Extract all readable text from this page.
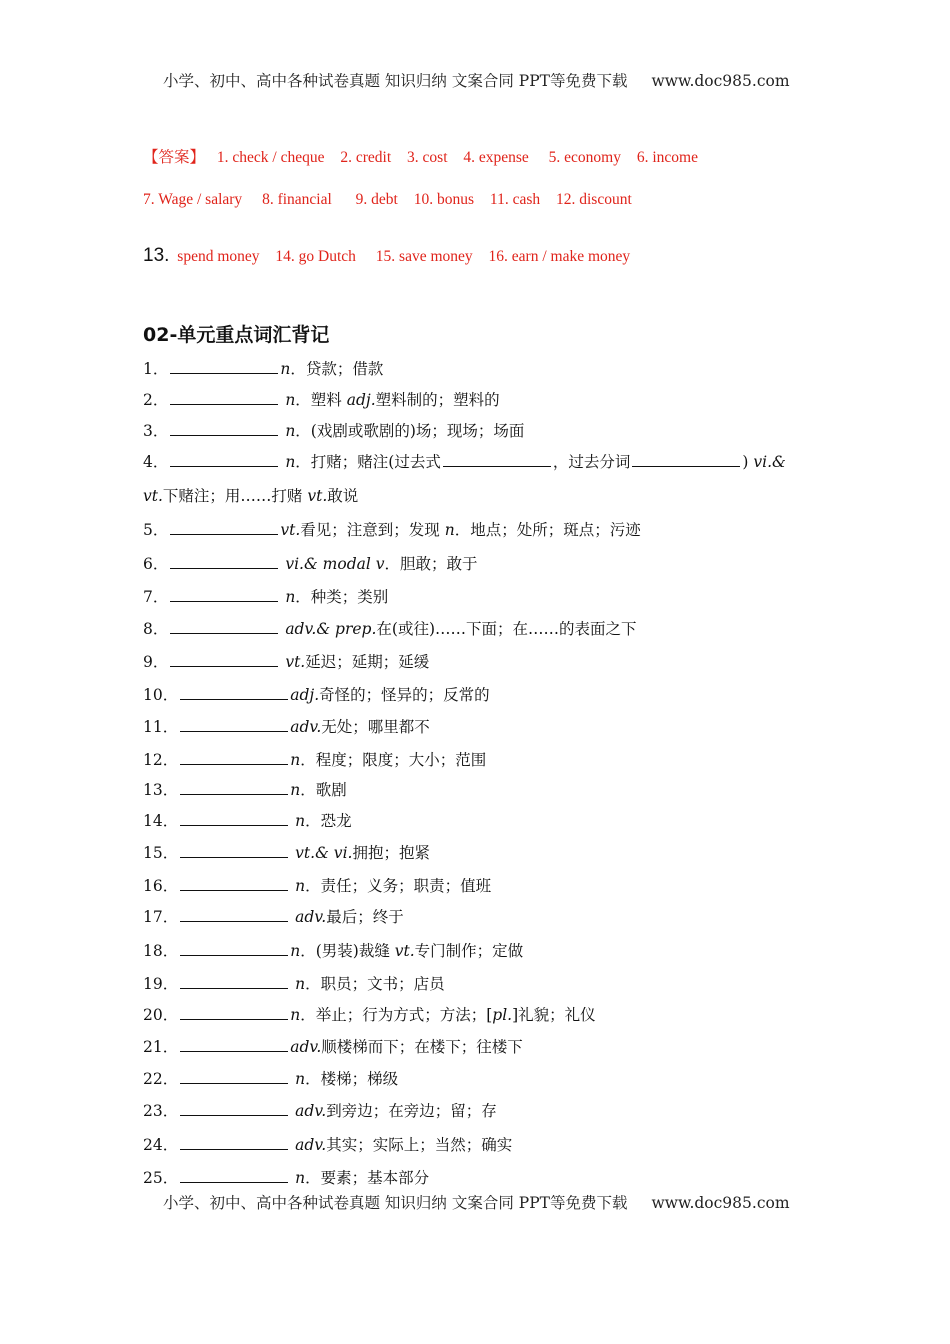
小学、初中、高中各种试卷真题 知识归纳 文案合同 PPT等免费下载 www.doc985.com
【答案】 1. check / cheque 2. credit 3. cost 4. expense 5. economy 6. income
7. Wage / salary 8. financial 9. debt 10. bonus 11. cash 12. discount
13. spend money 14. go Dutch 15. save money 16. earn / make money
02-单元重点词汇背记
1．	n．贷款；借款
2．	n．塑料 adj.塑料制的；塑料的
3．	n．(戏剧或歌剧的)场；现场；场面
4．	n．打赌；赌注(过去式	，过去分词	) vi.&
vt.下赌注；用……打赌 vt.敢说
5．	vt.看见；注意到；发现 n．地点；处所；斑点；污迹
6．	vi.& modal v．胆敢；敢于
7．	n．种类；类别
8．	adv.& prep.在(或往)……下面；在……的表面之下
9．	vt.延迟；延期；延缓
10．	adj.奇怪的；怪异的；反常的
11．	adv.无处；哪里都不
12．	n．程度；限度；大小；范围
13．	n．歌剧
14．	n．恐龙
15．	vt.& vi.拥抱；抱紧
16．	n．责任；义务；职责；值班
17．	adv.最后；终于
18．	n．(男装)裁缝 vt.专门制作；定做
19．	n．职员；文书；店员
20．	n．举止；行为方式；方法；[pl.]礼貌；礼仪
21．	adv.顺楼梯而下；在楼下；往楼下
22．	n．楼梯；梯级
23．	adv.到旁边；在旁边；留；存
24．	adv.其实；实际上；当然；确实
25．	n．要素；基本部分
小学、初中、高中各种试卷真题 知识归纳 文案合同 PPT等免费下载 www.doc985.com
